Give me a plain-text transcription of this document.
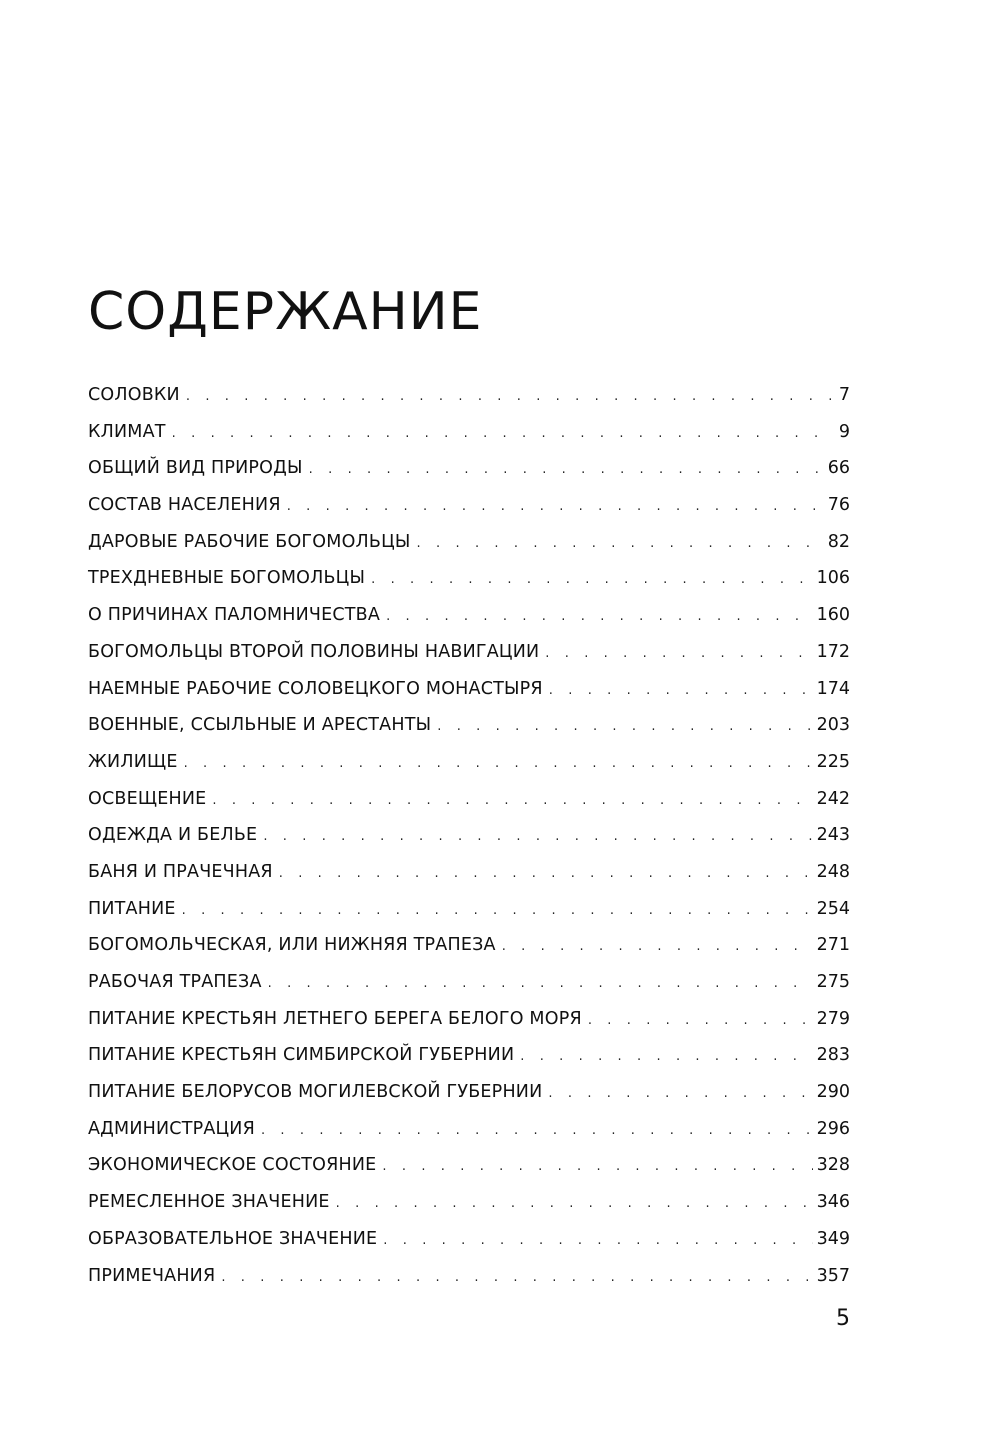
СОДЕРЖАНИЕ
СОЛОВКИ . . .	7
КЛИМАТ . . .	9
ОБЩИЙ ВИД ПРИРОДЫ . . .	66
СОСТАВ НАСЕЛЕНИЯ . . .	76
ДАРОВЫЕ РАБОЧИЕ БОГОМОЛЬЦЫ . . .	82
ТРЕХДНЕВНЫЕ БОГОМОЛЬЦЫ . . .	106
О ПРИЧИНАХ ПАЛОМНИЧЕСТВА . . .	160
БОГОМОЛЬЦЫ ВТОРОЙ ПОЛОВИНЫ НАВИГАЦИИ . . .	172
НАЕМНЫЕ РАБОЧИЕ СОЛОВЕЦКОГО МОНАСТЫРЯ . . .	174
ВОЕННЫЕ, ССЫЛЬНЫЕ И АРЕСТАНТЫ . . .	203
ЖИЛИЩЕ . . .	225
ОСВЕЩЕНИЕ . . .	242
ОДЕЖДА И БЕЛЬЕ . . .	243
БАНЯ И ПРАЧЕЧНАЯ . . .	248
ПИТАНИЕ . . .	254
БОГОМОЛЬЧЕСКАЯ, ИЛИ НИЖНЯЯ ТРАПЕЗА . . .	271
РАБОЧАЯ ТРАПЕЗА . . .	275
ПИТАНИЕ КРЕСТЬЯН ЛЕТНЕГО БЕРЕГА БЕЛОГО МОРЯ . . .	279
ПИТАНИЕ КРЕСТЬЯН СИМБИРСКОЙ ГУБЕРНИИ . . .	283
ПИТАНИЕ БЕЛОРУСОВ МОГИЛЕВСКОЙ ГУБЕРНИИ . . .	290
АДМИНИСТРАЦИЯ . . .	296
ЭКОНОМИЧЕСКОЕ СОСТОЯНИЕ . . .	328
РЕМЕСЛЕННОЕ ЗНАЧЕНИЕ . . .	346
ОБРАЗОВАТЕЛЬНОЕ ЗНАЧЕНИЕ . . .	349
ПРИМЕЧАНИЯ . . .	357
5
